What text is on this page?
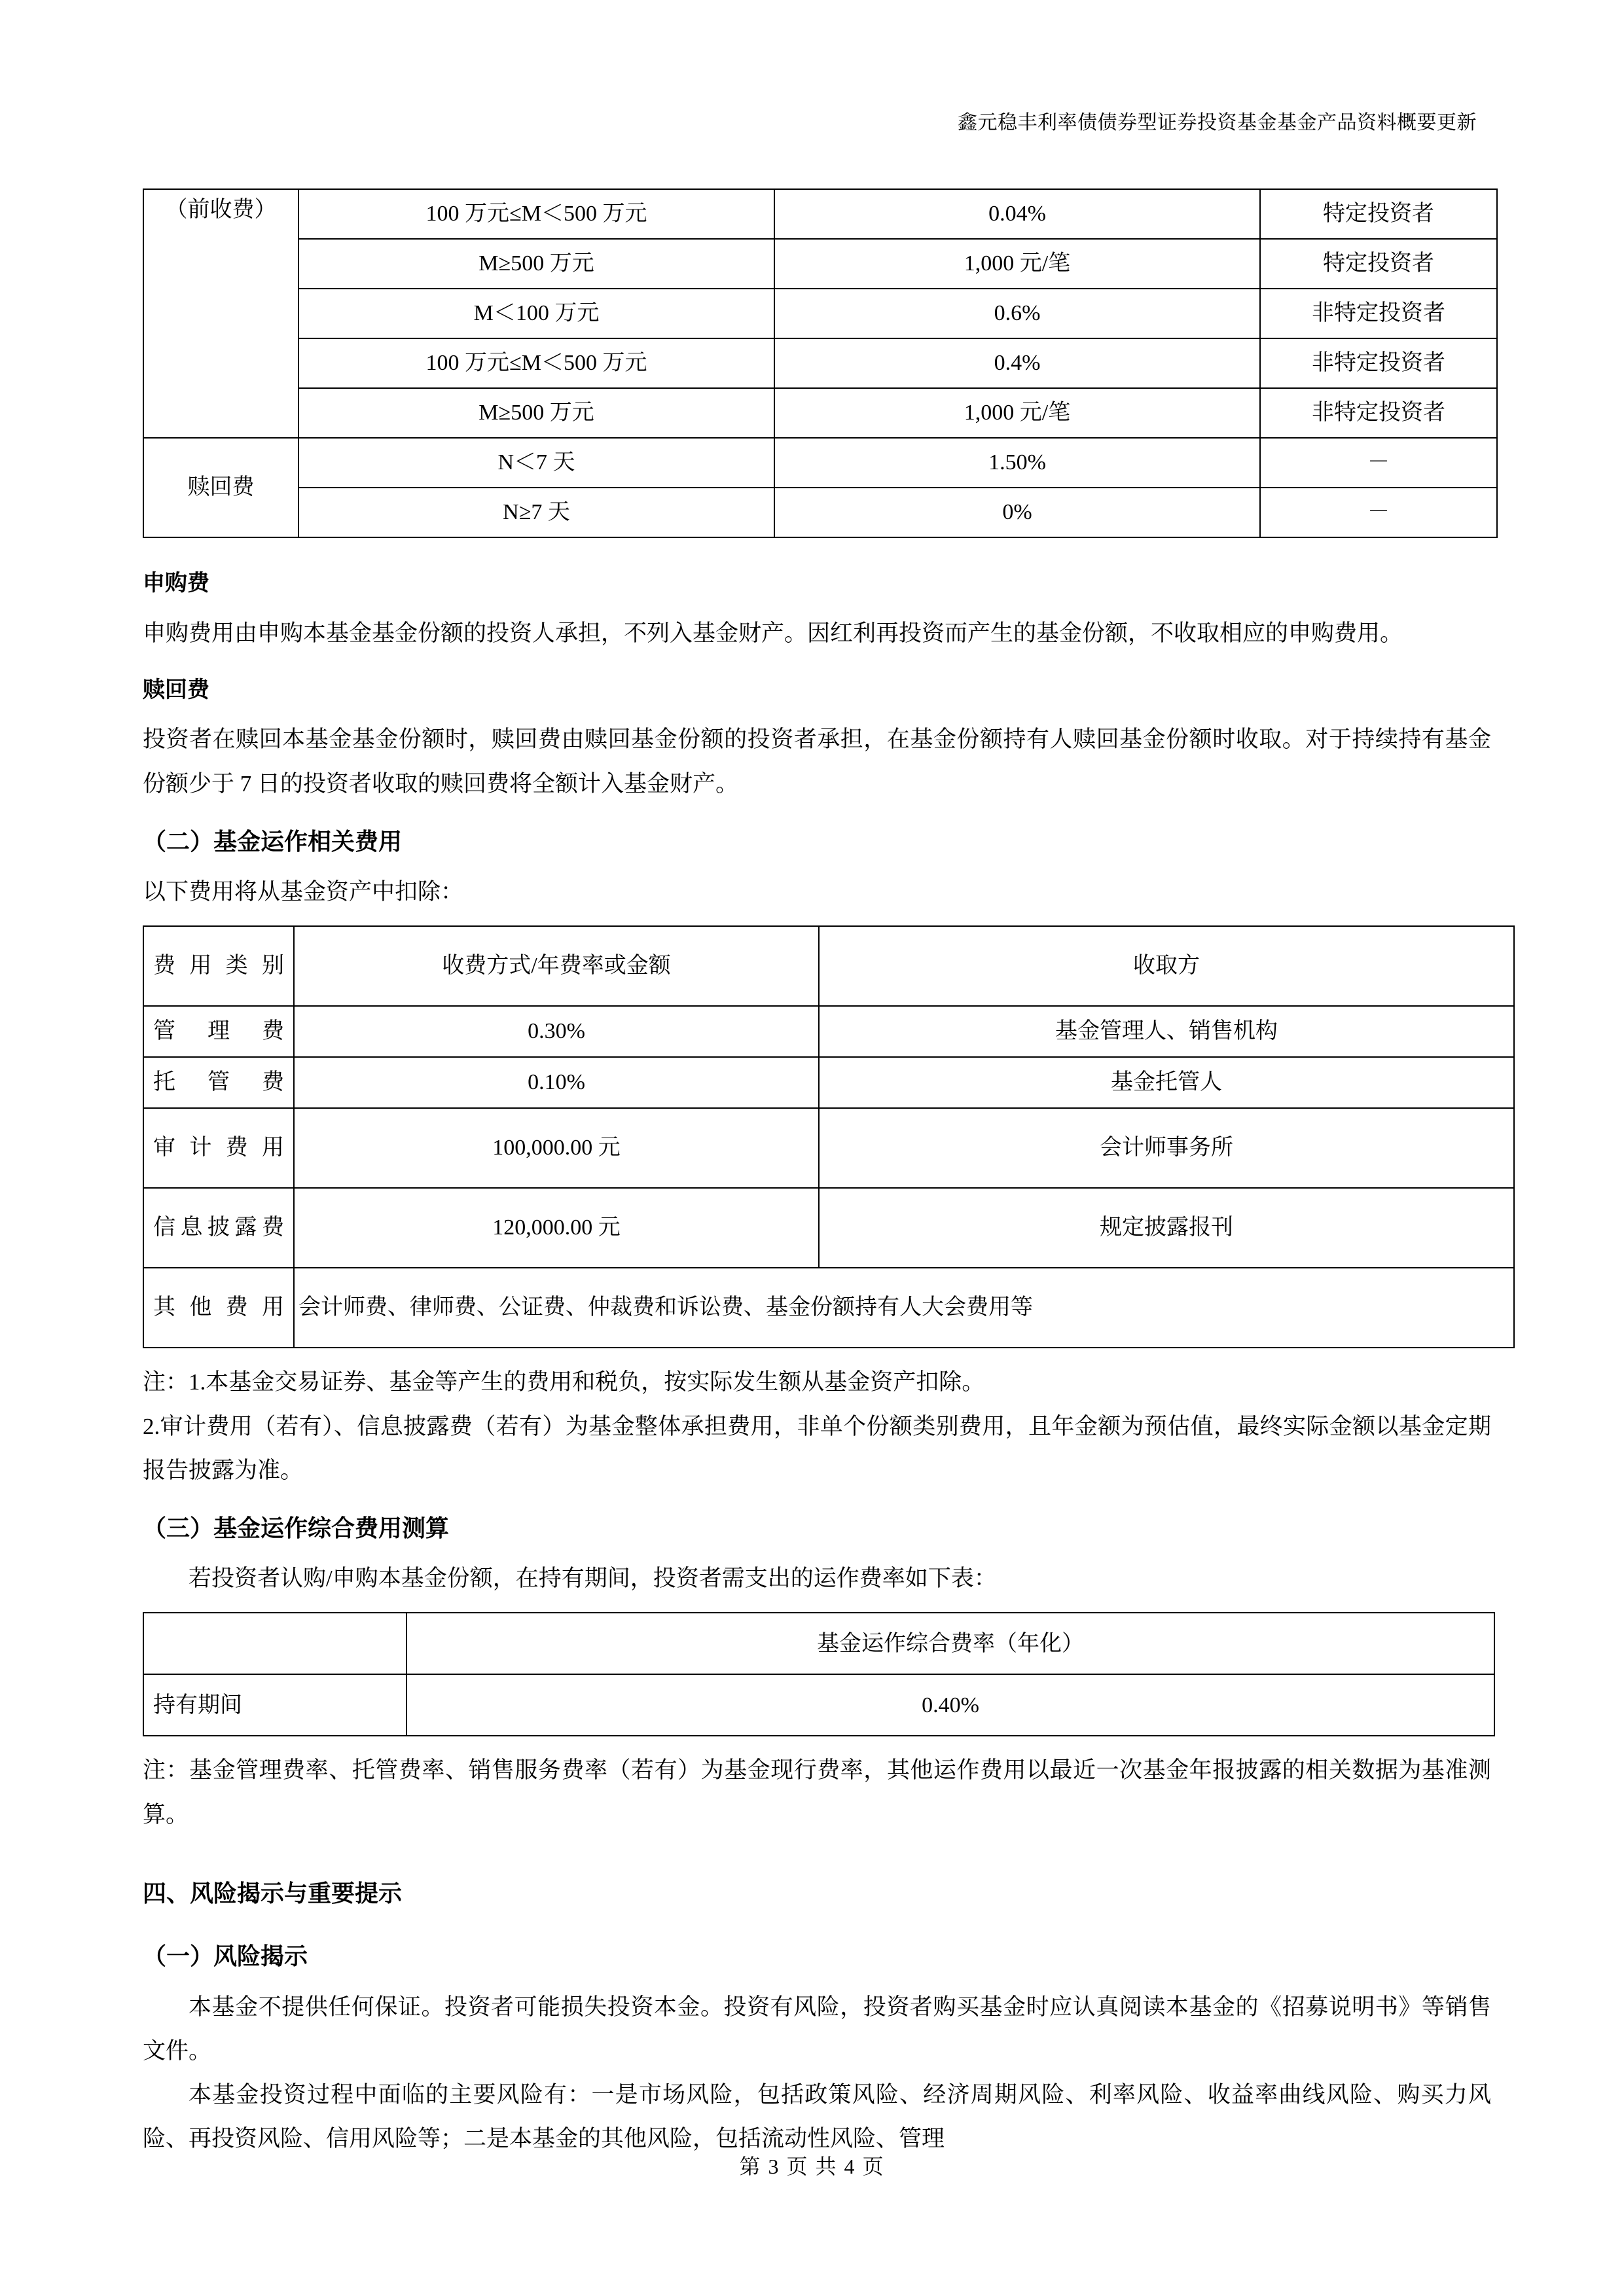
鑫元稳丰利率债债券型证券投资基金基金产品资料概要更新
（前收费）	100 万元≤M＜500 万元	0.04%	特定投资者
	M≥500 万元	1,000 元/笔	特定投资者
	M＜100 万元	0.6%	非特定投资者
	100 万元≤M＜500 万元	0.4%	非特定投资者
	M≥500 万元	1,000 元/笔	非特定投资者
赎回费	N＜7 天	1.50%	－
	N≥7 天	0%	－

申购费

申购费用由申购本基金基金份额的投资人承担，不列入基金财产。因红利再投资而产生的基金份额，不收取相应的申购费用。

赎回费

投资者在赎回本基金基金份额时，赎回费由赎回基金份额的投资者承担，在基金份额持有人赎回基金份额时收取。对于持续持有基金份额少于 7 日的投资者收取的赎回费将全额计入基金财产。

（二）基金运作相关费用

以下费用将从基金资产中扣除：

费用类别	收费方式/年费率或金额	收取方
管理费	0.30%	基金管理人、销售机构
托管费	0.10%	基金托管人
审计费用	100,000.00 元	会计师事务所
信息披露费	120,000.00 元	规定披露报刊
其他费用	会计师费、律师费、公证费、仲裁费和诉讼费、基金份额持有人大会费用等	

注：1.本基金交易证券、基金等产生的费用和税负，按实际发生额从基金资产扣除。

2.审计费用（若有）、信息披露费（若有）为基金整体承担费用，非单个份额类别费用，且年金额为预估值，最终实际金额以基金定期报告披露为准。

（三）基金运作综合费用测算

若投资者认购/申购本基金份额，在持有期间，投资者需支出的运作费率如下表：

	基金运作综合费率（年化）
持有期间	0.40%

注：基金管理费率、托管费率、销售服务费率（若有）为基金现行费率，其他运作费用以最近一次基金年报披露的相关数据为基准测算。

四、风险揭示与重要提示

（一）风险揭示

本基金不提供任何保证。投资者可能损失投资本金。投资有风险，投资者购买基金时应认真阅读本基金的《招募说明书》等销售文件。

本基金投资过程中面临的主要风险有：一是市场风险，包括政策风险、经济周期风险、利率风险、收益率曲线风险、购买力风险、再投资风险、信用风险等；二是本基金的其他风险，包括流动性风险、管理

第 3 页 共 4 页
